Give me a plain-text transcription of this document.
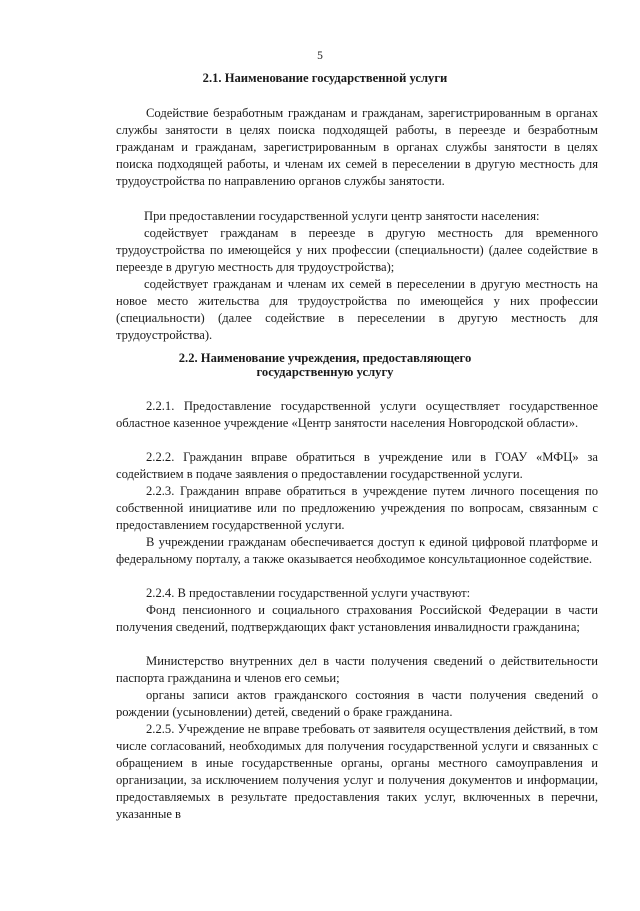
5
2.1. Наименование государственной услуги
Содействие безработным гражданам и гражданам, зарегистрированным в органах службы занятости в целях поиска подходящей работы, в переезде и безработным гражданам и гражданам, зарегистрированным в органах службы занятости в целях поиска подходящей работы, и членам их семей в переселении в другую местность для трудоустройства по направлению органов службы занятости.
При предоставлении государственной услуги центр занятости населения:
содействует гражданам в переезде в другую местность для временного трудоустройства по имеющейся у них профессии (специальности) (далее содействие в переезде в другую местность для трудоустройства);
содействует гражданам и членам их семей в переселении в другую местность на новое место жительства для трудоустройства по имеющейся у них профессии (специальности) (далее содействие в переселении в другую местность для трудоустройства).
2.2. Наименование учреждения, предоставляющего
государственную услугу
2.2.1. Предоставление государственной услуги осуществляет государственное областное казенное учреждение «Центр занятости населения Новгородской области».
2.2.2. Гражданин вправе обратиться в учреждение или в ГОАУ «МФЦ» за содействием в подаче заявления о предоставлении государственной услуги.
2.2.3. Гражданин вправе обратиться в учреждение путем личного посещения по собственной инициативе или по предложению учреждения по вопросам, связанным с предоставлением государственной услуги.
В учреждении гражданам обеспечивается доступ к единой цифровой платформе и федеральному порталу, а также оказывается необходимое консультационное содействие.
2.2.4. В предоставлении государственной услуги участвуют:
Фонд пенсионного и социального страхования Российской Федерации в части получения сведений, подтверждающих факт установления инвалидности гражданина;
Министерство внутренних дел в части получения сведений о действительности паспорта гражданина и членов его семьи;
органы записи актов гражданского состояния в части получения сведений о рождении (усыновлении) детей, сведений о браке гражданина.
2.2.5. Учреждение не вправе требовать от заявителя осуществления действий, в том числе согласований, необходимых для получения государственной услуги и связанных с обращением в иные государственные органы, органы местного самоуправления и организации, за исключением получения услуг и получения документов и информации, предоставляемых в результате предоставления таких услуг, включенных в перечни, указанные в
